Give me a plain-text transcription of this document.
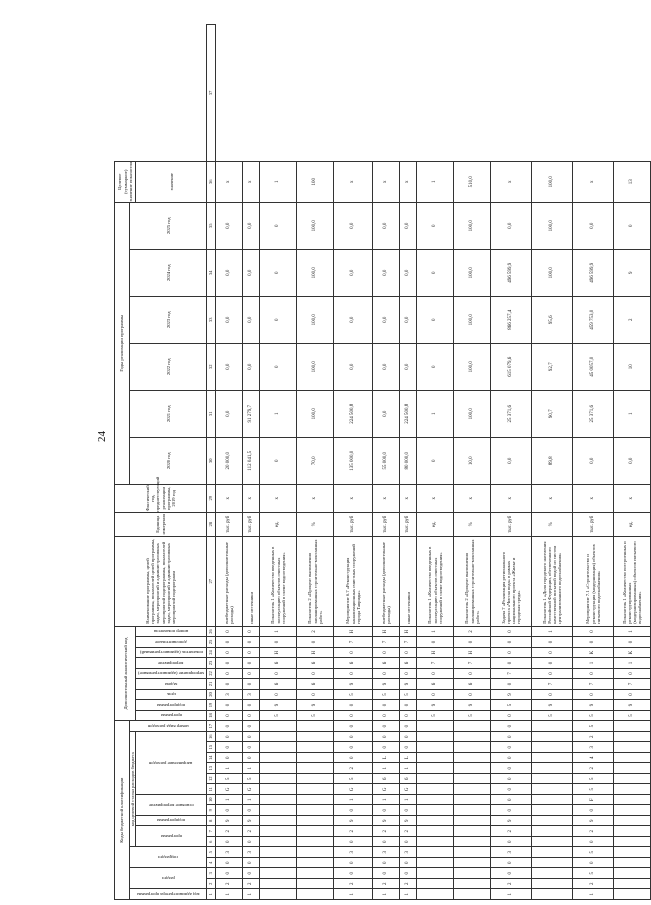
24
Коды бюджетной классификации																	Дополнительный аналитический код									Наименование программы, целей программы, показателей целей программы, задач, мероприятий и административных мероприятий подпрограммы, показателей задач, мероприятий и административных мероприятий подпрограмм	Единица измерения	Фактический год, предшествующий реализации программы, 2019 год	Годы реализации программы						Целевое (суммарное) значение показателя	

код администратора программы	раздел		подраздел		код целевой статьи расходов бюджета											номер вида расходов													2020 год	2021 год	2022 год	2023 год	2024 год	2025 год		

					программа		подпрограмма	основное мероприятие		направление расходов							программа	подпрограмма	цель	задача	мероприятие (административное)	мероприятие	показатель (административный)	дополнительное	номер показателя										значение	
1	2	3	4	5	6	7	8	9	10	11	12	13	14	15	16	17	18	19	20	21	22	23	24	25	26	27	28	29	30	31	32	33	34	35	36	37
1	2	0	0	3	0	2	9	0	1	G	5	1	0	0	0	0	0	0	3	0	0	0	0	0	0	внебюджетные расходы (дополнительные расходы)	тыс. руб	х	20 000,0	0,0	0,0	0,0	0,0	0,0	х	
1	2	0	0	3	0	2	9	0	1	G	5	1	0	0	0	0	0	0	3	0	0	0	0	0	0	иные источники	тыс. руб	х	112 041,5	91 279,7	0,0	0,0	0,0	0,0	х	
																	5	9	0	6	0	6	Н	0	1	Показатель 1 «Количество введенных в эксплуатацию объектов очистных сооружений в схеме водоотведения»	ед.	х	0	1	0	0	0	0	1	
																	5	9	0	6	0	6	Н	0	2	Показатель 2 «Процент выполнения запланированных строительно-монтажных работ»	%	х	70,0	100,0	100,0	100,0	100,0	100,0	100	
1	2	0	0	3	0	2	9	0	1	G	5	2	0	0	0	0	0	0	5	9	0	6	0	7	Н	Мероприятие 6.7 «Реконструкция канализационных очистных сооружений города Тавриды»	тыс. руб	х	135 000,0	224 500,8	0,0	0,0	0,0	0,0	х	
1	2	0	0	3	0	2	9	0	1	G	6	1	L	0	0	0	0	0	5	9	0	6	0	7	Н	внебюджетные расходы (дополнительные расходы)	тыс. руб	х	55 000,0	0,0	0,0	0,0	0,0	0,0	х	
1	2	0	0	3	0	2	9	0	1	G	6	1	L	0	0	0	0	0	5	9	0	6	0	7	Н	иные источники	тыс. руб	х	80 000,0	224 500,8	0,0	0,0	0,0	0,0	х	
																	5	9	0	6	0	7	Н	0	1	Показатель 1 «Количество введенных в эксплуатацию объектов очистных сооружений в схеме водоотведения»	ед.	х	0	1	0	0	0	0	1	
																	5	9	0	6	0	7	Н	0	2	Показатель 2 «Процент выполнения запланированных строительно-монтажных работ»	%	х	10,0	100,0	100,0	100,0	100,0	100,0	510,0	
1	2	0	0	3	0	2	9	0	0	0	0	0	0	0	0	0	0	5	9	0	7	0	0	0	0	Задача 7 «Реализация регионального проекта «Чистая вода» в рамках национального проекта «Жилье и городская среда»	тыс. руб	х	0,0	25 371,6	615 079,6	866 257,4	496 599,9	0,0	х	
																	5	9	0	7	0	0	0	0	1	Показатель 1 «Доля городского населения Российской Федерации, обеспеченного качественной питьевой водой из систем централизованного водоснабжения»	%	х	89,8	90,7	92,7	95,6	100,0	100,0	100,0	
1	2	5	0	5	0	2	9	0	F	5	5	2	4	3	2	5	5	9	0	7	0	1	К	0	0	Мероприятие 7.1 «Строительство и реконструкция (модернизация) объектов питьевого водоснабжения»	тыс. руб	х	0,0	25 371,6	45 0057,0	459 753,0	496 599,9	0,0	х	
																	5	9	0	7	0	1	К	0	1	Показатель 1 «Количество построенных и реконструированных (модернизированных) объектов питьевого водоснабжения»	ед.	х	0,0	1	10	2	9	0	13	
